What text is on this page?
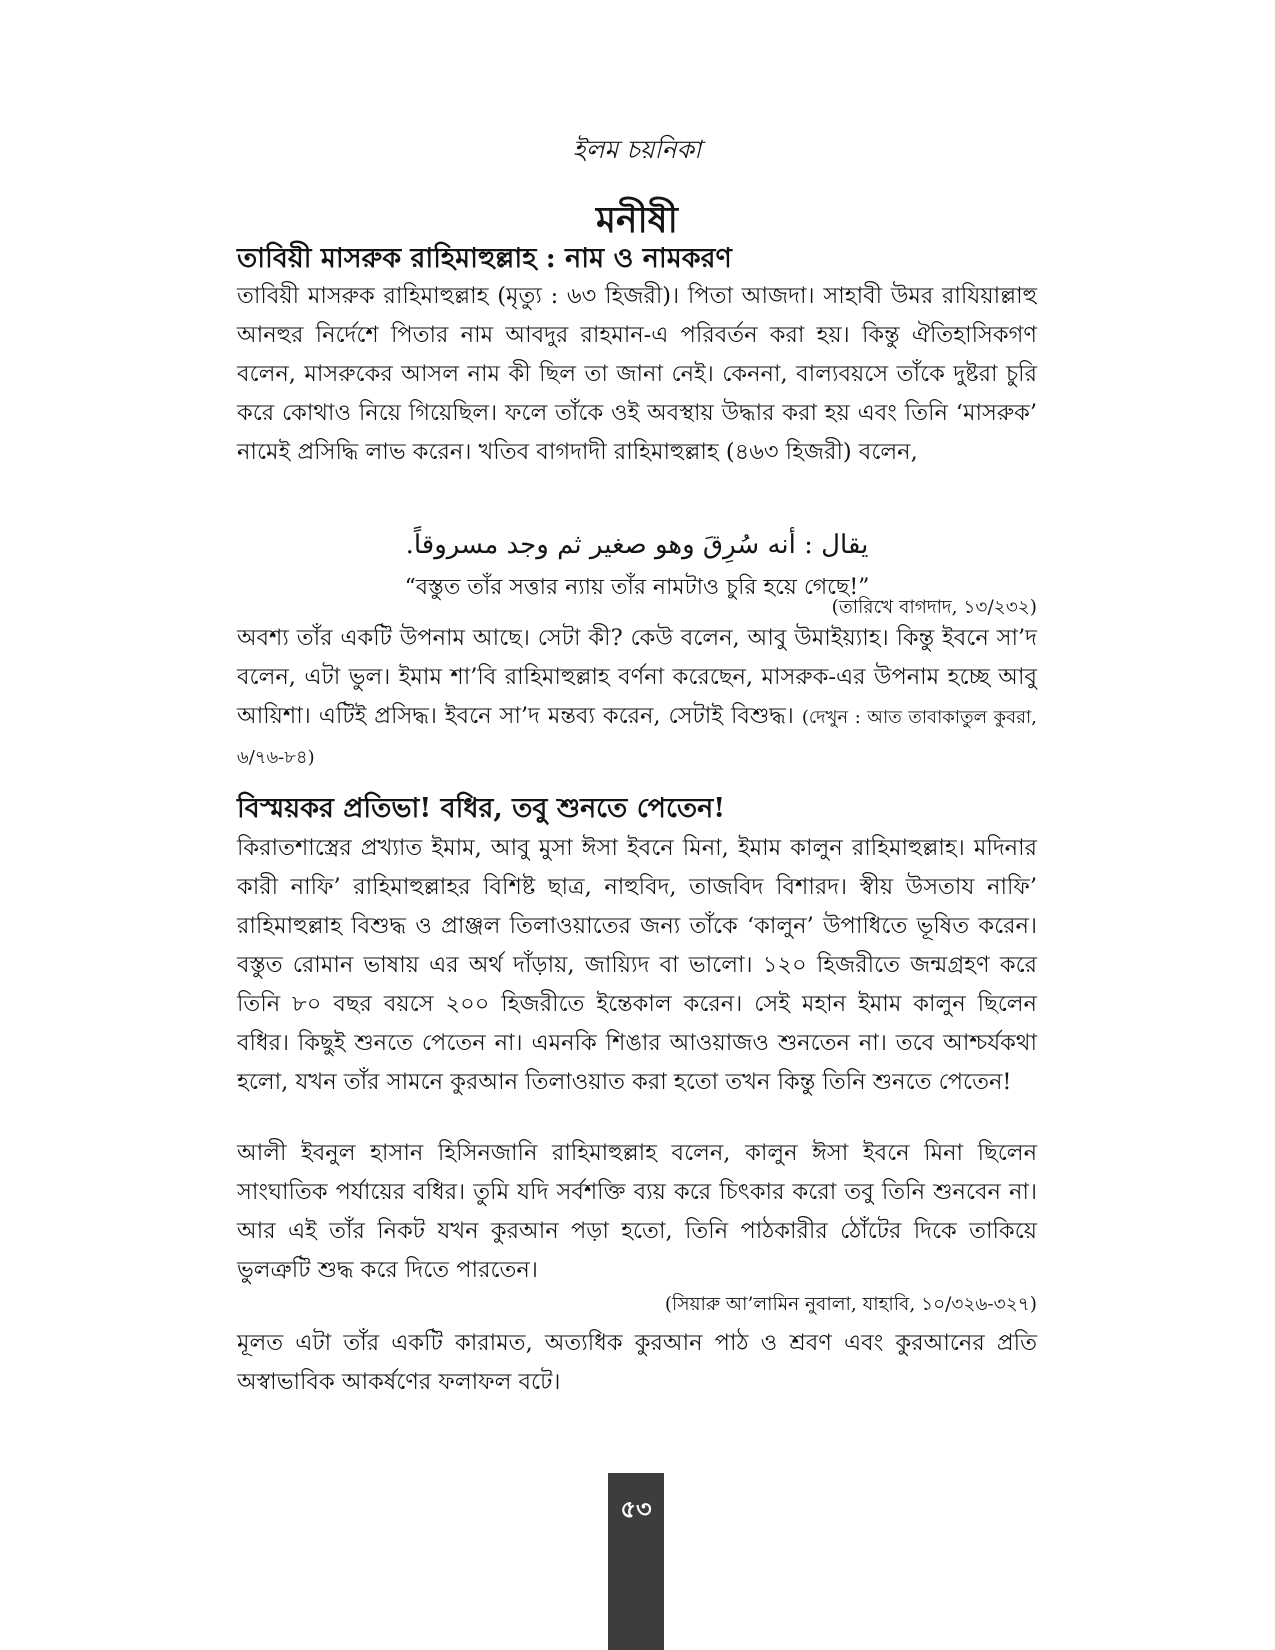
ইলম চয়নিকা
মনীষী
তাবিয়ী মাসরুক রাহিমাহুল্লাহ : নাম ও নামকরণ
তাবিয়ী মাসরুক রাহিমাহুল্লাহ (মৃত্যু : ৬৩ হিজরী)। পিতা আজদা। সাহাবী উমর রাযিয়াল্লাহু আনহুর নির্দেশে পিতার নাম আবদুর রাহমান-এ পরিবর্তন করা হয়। কিন্তু ঐতিহাসিকগণ বলেন, মাসরুকের আসল নাম কী ছিল তা জানা নেই। কেননা, বাল্যবয়সে তাঁকে দুষ্টরা চুরি করে কোথাও নিয়ে গিয়েছিল। ফলে তাঁকে ওই অবস্থায় উদ্ধার করা হয় এবং তিনি ‘মাসরুক’ নামেই প্রসিদ্ধি লাভ করেন। খতিব বাগদাদী রাহিমাহুল্লাহ (৪৬৩ হিজরী) বলেন,
يقال : أنه سُرِقَ وهو صغير ثم وجد مسروقاً.
“বস্তুত তাঁর সত্তার ন্যায় তাঁর নামটাও চুরি হয়ে গেছে!”
(তারিখে বাগদাদ, ১৩/২৩২)
অবশ্য তাঁর একটি উপনাম আছে। সেটা কী? কেউ বলেন, আবু উমাইয়্যাহ। কিন্তু ইবনে সা’দ বলেন, এটা ভুল। ইমাম শা’বি রাহিমাহুল্লাহ বর্ণনা করেছেন, মাসরুক-এর উপনাম হচ্ছে আবু আয়িশা। এটিই প্রসিদ্ধ। ইবনে সা’দ মন্তব্য করেন, সেটাই বিশুদ্ধ। (দেখুন : আত তাবাকাতুল কুবরা, ৬/৭৬-৮৪)
বিস্ময়কর প্রতিভা! বধির, তবু শুনতে পেতেন!
কিরাতশাস্ত্রের প্রখ্যাত ইমাম, আবু মুসা ঈসা ইবনে মিনা, ইমাম কালুন রাহিমাহুল্লাহ। মদিনার কারী নাফি’ রাহিমাহুল্লাহর বিশিষ্ট ছাত্র, নাহুবিদ, তাজবিদ বিশারদ। স্বীয় উসতায নাফি’ রাহিমাহুল্লাহ বিশুদ্ধ ও প্রাঞ্জল তিলাওয়াতের জন্য তাঁকে ‘কালুন’ উপাধিতে ভূষিত করেন। বস্তুত রোমান ভাষায় এর অর্থ দাঁড়ায়, জায়্যিদ বা ভালো। ১২০ হিজরীতে জন্মগ্রহণ করে তিনি ৮০ বছর বয়সে ২০০ হিজরীতে ইন্তেকাল করেন। সেই মহান ইমাম কালুন ছিলেন বধির। কিছুই শুনতে পেতেন না। এমনকি শিঙার আওয়াজও শুনতেন না। তবে আশ্চর্যকথা হলো, যখন তাঁর সামনে কুরআন তিলাওয়াত করা হতো তখন কিন্তু তিনি শুনতে পেতেন!
আলী ইবনুল হাসান হিসিনজানি রাহিমাহুল্লাহ বলেন, কালুন ঈসা ইবনে মিনা ছিলেন সাংঘাতিক পর্যায়ের বধির। তুমি যদি সর্বশক্তি ব্যয় করে চিৎকার করো তবু তিনি শুনবেন না। আর এই তাঁর নিকট যখন কুরআন পড়া হতো, তিনি পাঠকারীর ঠোঁটের দিকে তাকিয়ে ভুলত্রুটি শুদ্ধ করে দিতে পারতেন।
(সিয়ারু আ’লামিন নুবালা, যাহাবি, ১০/৩২৬-৩২৭)
মূলত এটা তাঁর একটি কারামত, অত্যধিক কুরআন পাঠ ও শ্রবণ এবং কুরআনের প্রতি অস্বাভাবিক আকর্ষণের ফলাফল বটে।
৫৩
